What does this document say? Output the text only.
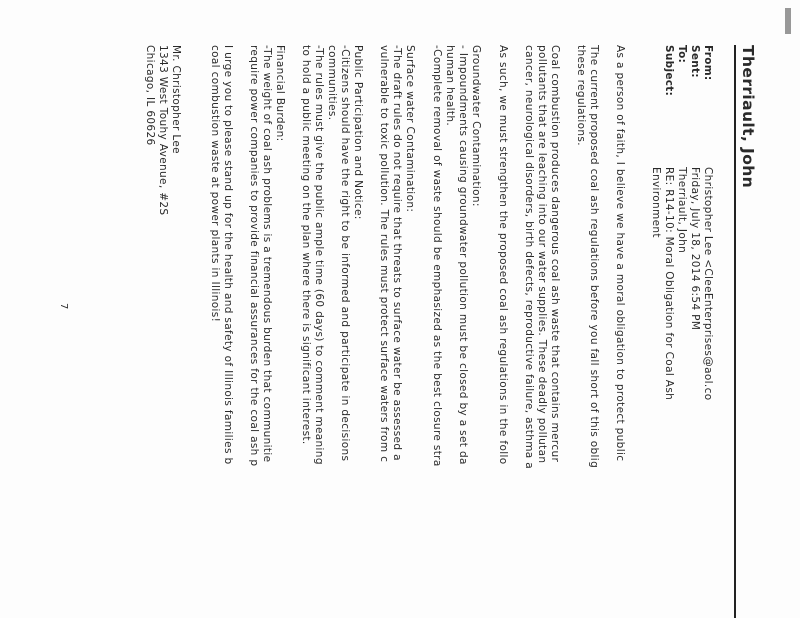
Therriault, John
From:
Christopher Lee <CleeEnterprises@aol.co
Sent:
Friday, July 18, 2014 6:54 PM
To:
Therriault, John
Subject:
RE: R14-10: Moral Obligation for Coal Ash
Environment
As a person of faith, I believe we have a moral obligation to protect public
The current proposed coal ash regulations before you fall short of this oblig
these regulations.
Coal combustion produces dangerous coal ash waste that contains mercur
pollutants that are leaching into our water supplies. These deadly pollutan
cancer, neurological disorders, birth defects, reproductive failure, asthma a
As such, we must strengthen the proposed coal ash regulations in the follo
Groundwater Contamination:
- Impoundments causing groundwater pollution must be closed by a set da
human health.
-Complete removal of waste should be emphasized as the best closure stra
Surface water Contamination:
-The draft rules do not require that threats to surface water be assessed a
vulnerable to toxic pollution. The rules must protect surface waters from c
Public Participation and Notice:
-Citizens should have the right to be informed and participate in decisions
communities.
-The rules must give the public ample time (60 days) to comment meaning
to hold a public meeting on the plan where there is significant interest.
Financial Burden:
-The weight of coal ash problems is a tremendous burden that communitie
require power companies to provide financial assurances for the coal ash p
I urge you to please stand up for the health and safety of Illinois families b
coal combustion waste at power plants in Illinois!
Mr. Christopher Lee
1343 West Touhy Avenue, #2S
Chicago, IL 60626
7
